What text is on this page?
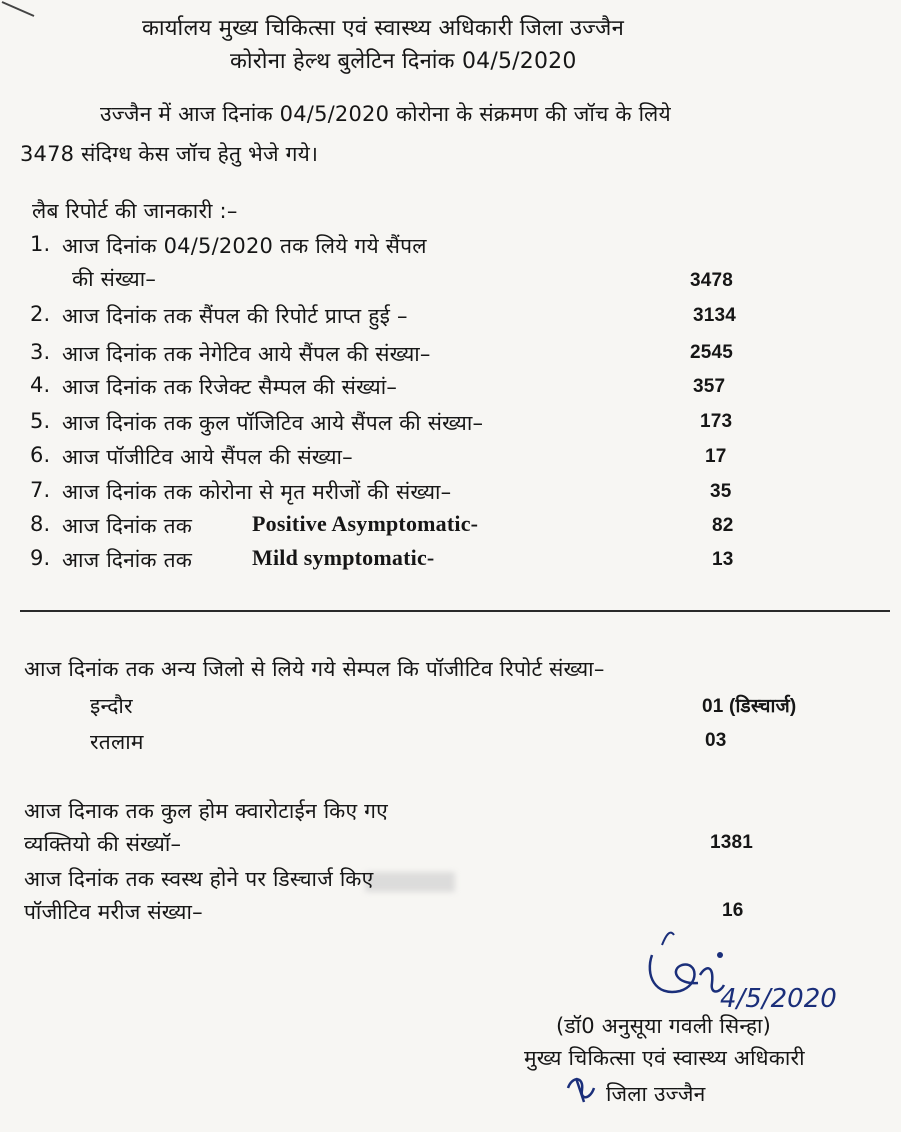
कार्यालय मुख्य चिकित्सा एवं स्वास्थ्य अधिकारी जिला उज्जैन
कोरोना हेल्थ बुलेटिन दिनांक 04/5/2020
उज्जैन में आज दिनांक 04/5/2020 कोरोना के संक्रमण की जॉच के लिये
3478 संदिग्ध केस जॉच हेतु भेजे गये।
लैब रिपोर्ट की जानकारी :–
1. आज दिनांक 04/5/2020 तक लिये गये सैंपल
की संख्या–	3478
2. आज दिनांक तक सैंपल की रिपोर्ट प्राप्त हुई –	3134
3. आज दिनांक तक नेगेटिव आये सैंपल की संख्या–	2545
4. आज दिनांक तक रिजेक्ट सैम्पल की संख्यां–	357
5. आज दिनांक तक कुल पॉजिटिव आये सैंपल की संख्या–	173
6. आज पॉजीटिव आये सैंपल की संख्या–	17
7. आज दिनांक तक कोरोना से मृत मरीजों की संख्या–	35
8. आज दिनांक तक	Positive Asymptomatic-	82
9. आज दिनांक तक	Mild symptomatic-	13
आज दिनांक तक अन्य जिलो से लिये गये सेम्पल कि पॉजीटिव रिपोर्ट संख्या–
इन्दौर	01 (डिस्चार्ज)
रतलाम	03
आज दिनाक तक कुल होम क्वारोटाईन किए गए
व्यक्तियो की संख्यॉ–	1381
आज दिनांक तक स्वस्थ होने पर डिस्चार्ज किए
पॉजीटिव मरीज संख्या–	16
4/5/2020
(डॉ0 अनुसूया गवली सिन्हा)
मुख्य चिकित्सा एवं स्वास्थ्य अधिकारी
जिला उज्जैन
